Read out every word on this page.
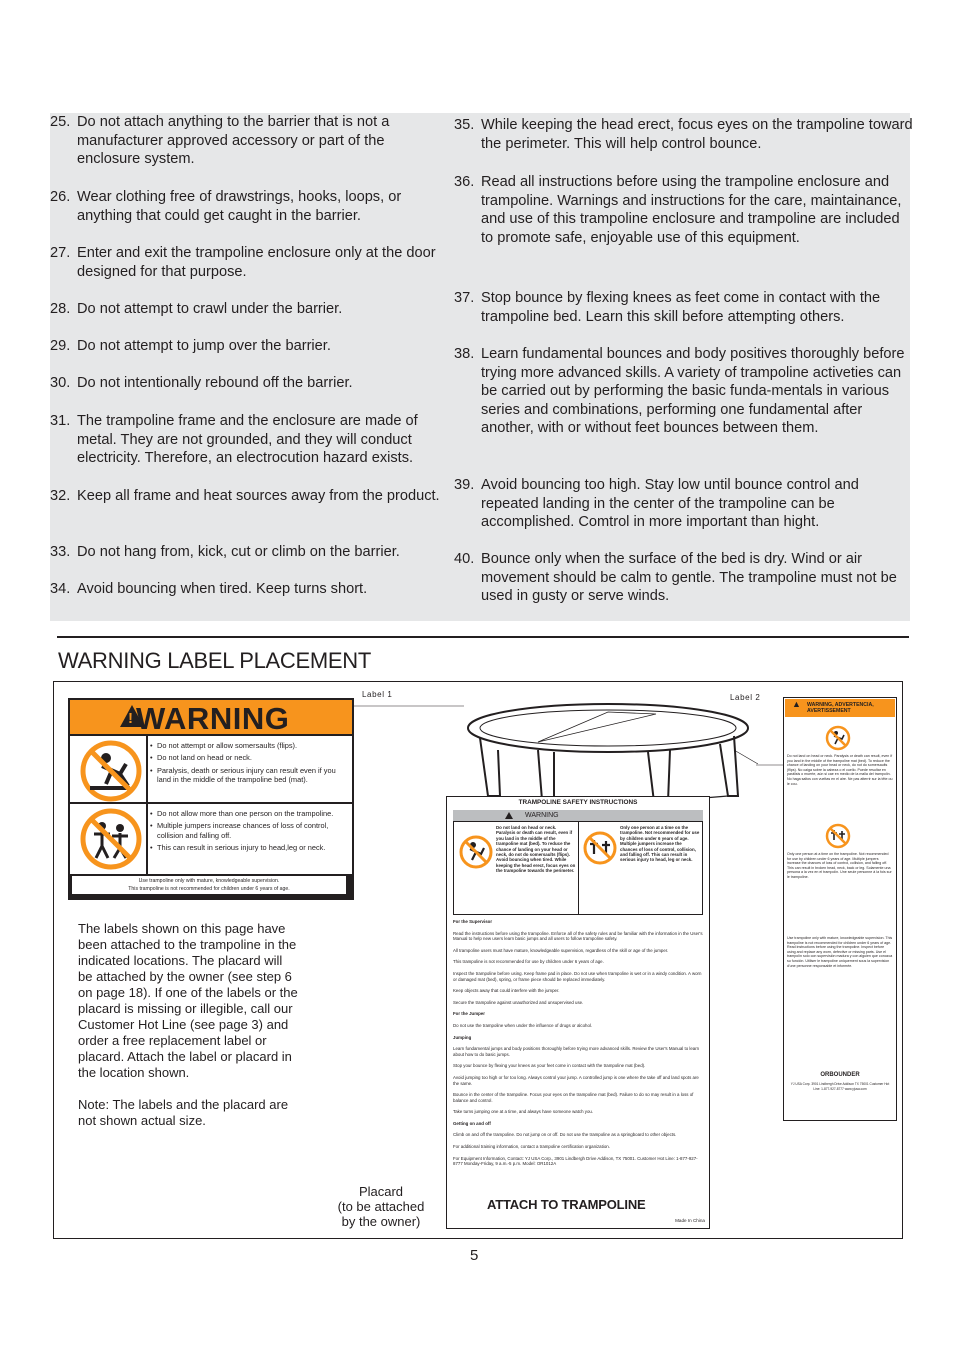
25. Do not attach anything to the barrier that is not a manufacturer approved accessory or part of the enclosure system.
26. Wear clothing free of drawstrings, hooks, loops, or anything that could get caught in the barrier.
27. Enter and exit the trampoline enclosure only at the door designed for that purpose.
28. Do not attempt to crawl under the barrier.
29. Do not attempt to jump over the barrier.
30. Do not intentionally rebound off the barrier.
31. The trampoline frame and the enclosure are made of metal. They are not grounded, and they will conduct electricity. Therefore, an electrocution hazard exists.
32. Keep all frame and heat sources away from the product.
33. Do not hang from, kick, cut or climb on the barrier.
34. Avoid bouncing when tired. Keep turns short.
35. While keeping the head erect, focus eyes on the trampoline toward the perimeter. This will help control bounce.
36. Read all instructions before using the trampoline enclosure and trampoline. Warnings and instructions for the care, maintainance, and use of this trampoline enclosure and trampoline are included to promote safe, enjoyable use of this equipment.
37. Stop bounce by flexing knees as feet come in contact with the trampoline bed. Learn this skill before attempting others.
38. Learn fundamental bounces and body positives thoroughly before trying more advanced skills. A variety of trampoline activeties can be carried out by performing the basic funda-mentals in various series and combinations, performing one fundamental after another, with or without feet bounces between them.
39. Avoid bouncing too high. Stay low until bounce control and repeated landing in the center of the trampoline can be accomplished. Comtrol in more important than hight.
40. Bounce only when the surface of the bed is dry. Wind or air movement should be calm to gentle. The trampoline must not be used in gusty or serve winds.
WARNING LABEL PLACEMENT
Label 1
! WARNING
• Do not attempt or allow somersaults (flips).
• Do not land on head or neck.
• Paralysis, death or serious injury can result even if you land in the middle of the trampoline bed (mat).
• Do not allow more than one person on the trampoline.
• Multiple jumpers increase chances of loss of control, collision and falling off.
• This can result in serious injury to head,leg or neck.
Use trampoline only with mature, knowledgeable supervision.
This trampoline is not recommended for children under 6 years of age.
Label 2
▲ WARNING, ADVERTENCIA, AVERTISSEMENT
Do not land on head or neck. Paralysis or death can result, even if you land in the middle of the trampoline mat (bed). To reduce the chance of landing on your head or neck, do not do somersaults (flips). No caiga sobre la cabeza o el cuello. Puede resultar en parálisis o muerte, aún si cae en medio de la malla del trampolín. No haga saltos con vueltas en el aire. Ne pas atterrir sur la tête ou le cou.
Only one person at a time on the trampoline. Not recommended for use by children under 6 years of age. Multiple jumpers increase the chances of loss of control, collision, and falling off. This can result in broken head, neck, back or leg. Solamente una persona a la vez en el trampolín. Une seule personne à la fois sur le trampoline.
Use trampoline only with mature, knowledgeable supervision. This trampoline is not recommended for children under 6 years of age. Read instructions before using the trampoline. Inspect before using and replace any worn, defective or missing parts. Use el trampolín solo con supervisión madura y con alguien que conozca su función. Utiliser le trampoline uniquement sous la supervision d'une personne responsable et informée.
ORBOUNDER
YJ USA Corp. 3901 Lindbergh Drive Addison TX 75001 Customer Hot Line: 1-877-927-8777 www.yjusa.com
TRAMPOLINE SAFETY INSTRUCTIONS
WARNING
Do not land on head or neck. Paralysis or death can result, even if you land in the middle of the trampoline mat (bed). To reduce the chance of landing on your head or neck, do not do somersaults (flips). Avoid bouncing when tired. While keeping the head erect, focus eyes on the trampoline towards the perimeter.
Only one person at a time on the trampoline. Not recommended for use by children under 6 years of age. Multiple jumpers increase the chances of loss of control, collision, and falling off. This can result in serious injury to head, leg or neck.

For the Supervisor

Read the instructions before using the trampoline. Enforce all of the safety rules and be familiar with the information in the User's Manual to help new users learn basic jumps and all users to follow trampoline safety.

All trampoline users must have mature, knowledgeable supervision, regardless of the skill or age of the jumper.

This trampoline is not recommended for use by children under 6 years of age.

Inspect the trampoline before using. Keep frame pad in place. Do not use when trampoline is wet or in a windy condition. A worn or damaged mat (bed), spring, or frame piece should be replaced immediately.

Keep objects away that could interfere with the jumper.

Secure the trampoline against unauthorized and unsupervised use.

For the Jumper

Do not use the trampoline when under the influence of drugs or alcohol.

Jumping

Learn fundamental jumps and body positions thoroughly before trying more advanced skills. Review the User's Manual to learn about how to do basic jumps.

Stop your bounce by flexing your knees as your feet come in contact with the trampoline mat (bed).

Avoid jumping too high or for too long. Always control your jump. A controlled jump is one where the take off and land spots are the same.

Bounce in the center of the trampoline. Focus your eyes on the trampoline mat (bed). Failure to do so may result in a loss of balance and control.

Take turns jumping one at a time, and always have someone watch you.

Getting on and off

Climb on and off the trampoline. Do not jump on or off. Do not use the trampoline as a springboard to other objects.

For additional training information, contact a trampoline certification organization.

For Equipment Information, Contact: YJ USA Corp., 3901 Lindbergh Drive Addison, TX 75001. Customer Hot Line: 1-877-927-8777 Monday-Friday, 9 a.m.-5 p.m. Model: OR1012A

ATTACH TO TRAMPOLINE
Made In China

The labels shown on this page have been attached to the trampoline in the indicated locations. The placard will be attached by the owner (see step 6 on page 18). If one of the labels or the placard is missing or illegible, call our Customer Hot Line (see page 3) and order a free replacement label or placard. Attach the label or placard in the location shown.

Note: The labels and the placard are not shown actual size.

Placard
(to be attached
by the owner)
5
